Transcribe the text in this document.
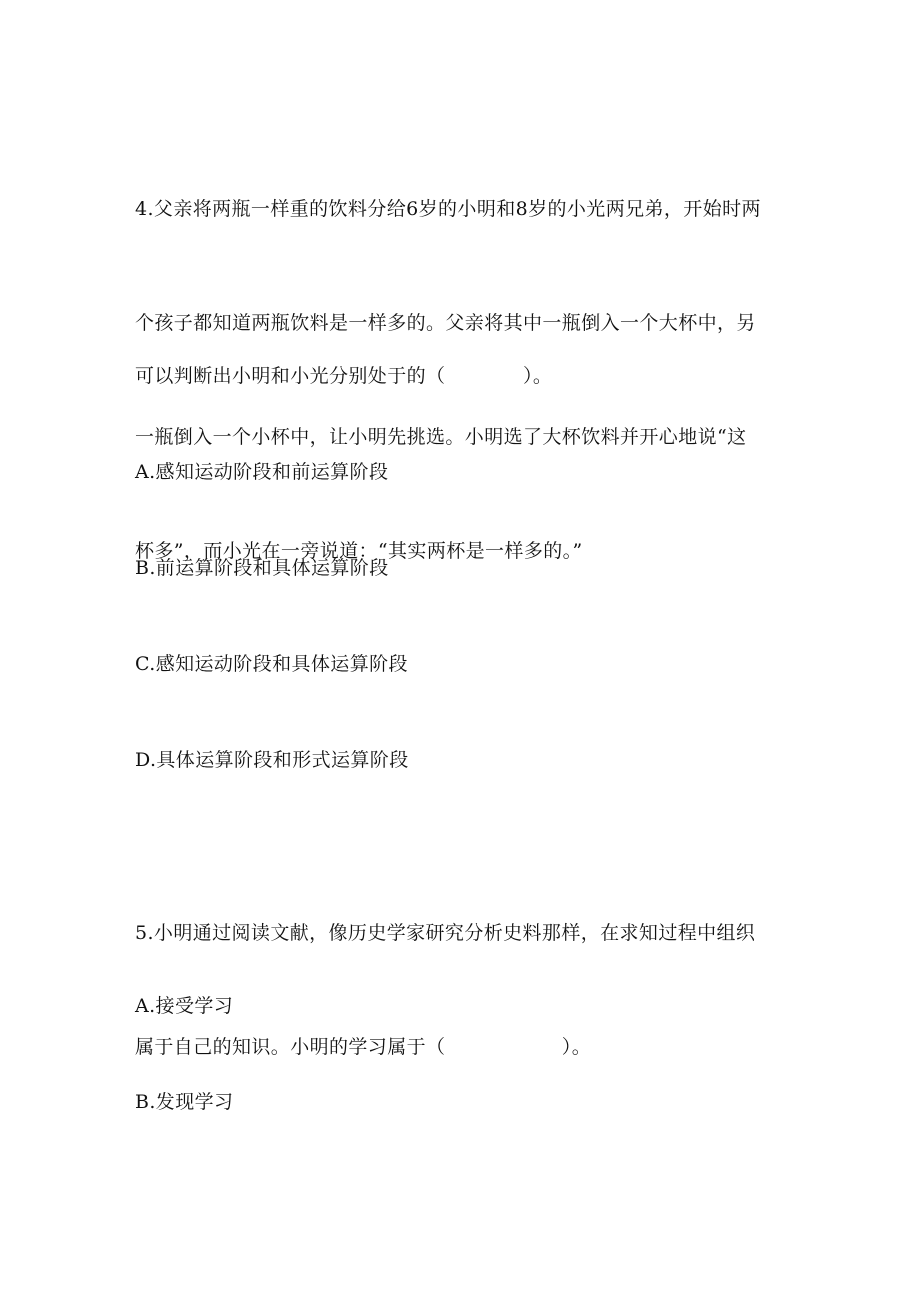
4.父亲将两瓶一样重的饮料分给6岁的小明和8岁的小光两兄弟，开始时两

个孩子都知道两瓶饮料是一样多的。父亲将其中一瓶倒入一个大杯中，另

一瓶倒入一个小杯中，让小明先挑选。小明选了大杯饮料并开心地说“这

杯多”，而小光在一旁说道：“其实两杯是一样多的。”

可以判断出小明和小光分别处于的（　　　　）。

A.感知运动阶段和前运算阶段

B.前运算阶段和具体运算阶段

C.感知运动阶段和具体运算阶段

D.具体运算阶段和形式运算阶段

5.小明通过阅读文献，像历史学家研究分析史料那样，在求知过程中组织

属于自己的知识。小明的学习属于（　　　　　　）。

A.接受学习

B.发现学习
